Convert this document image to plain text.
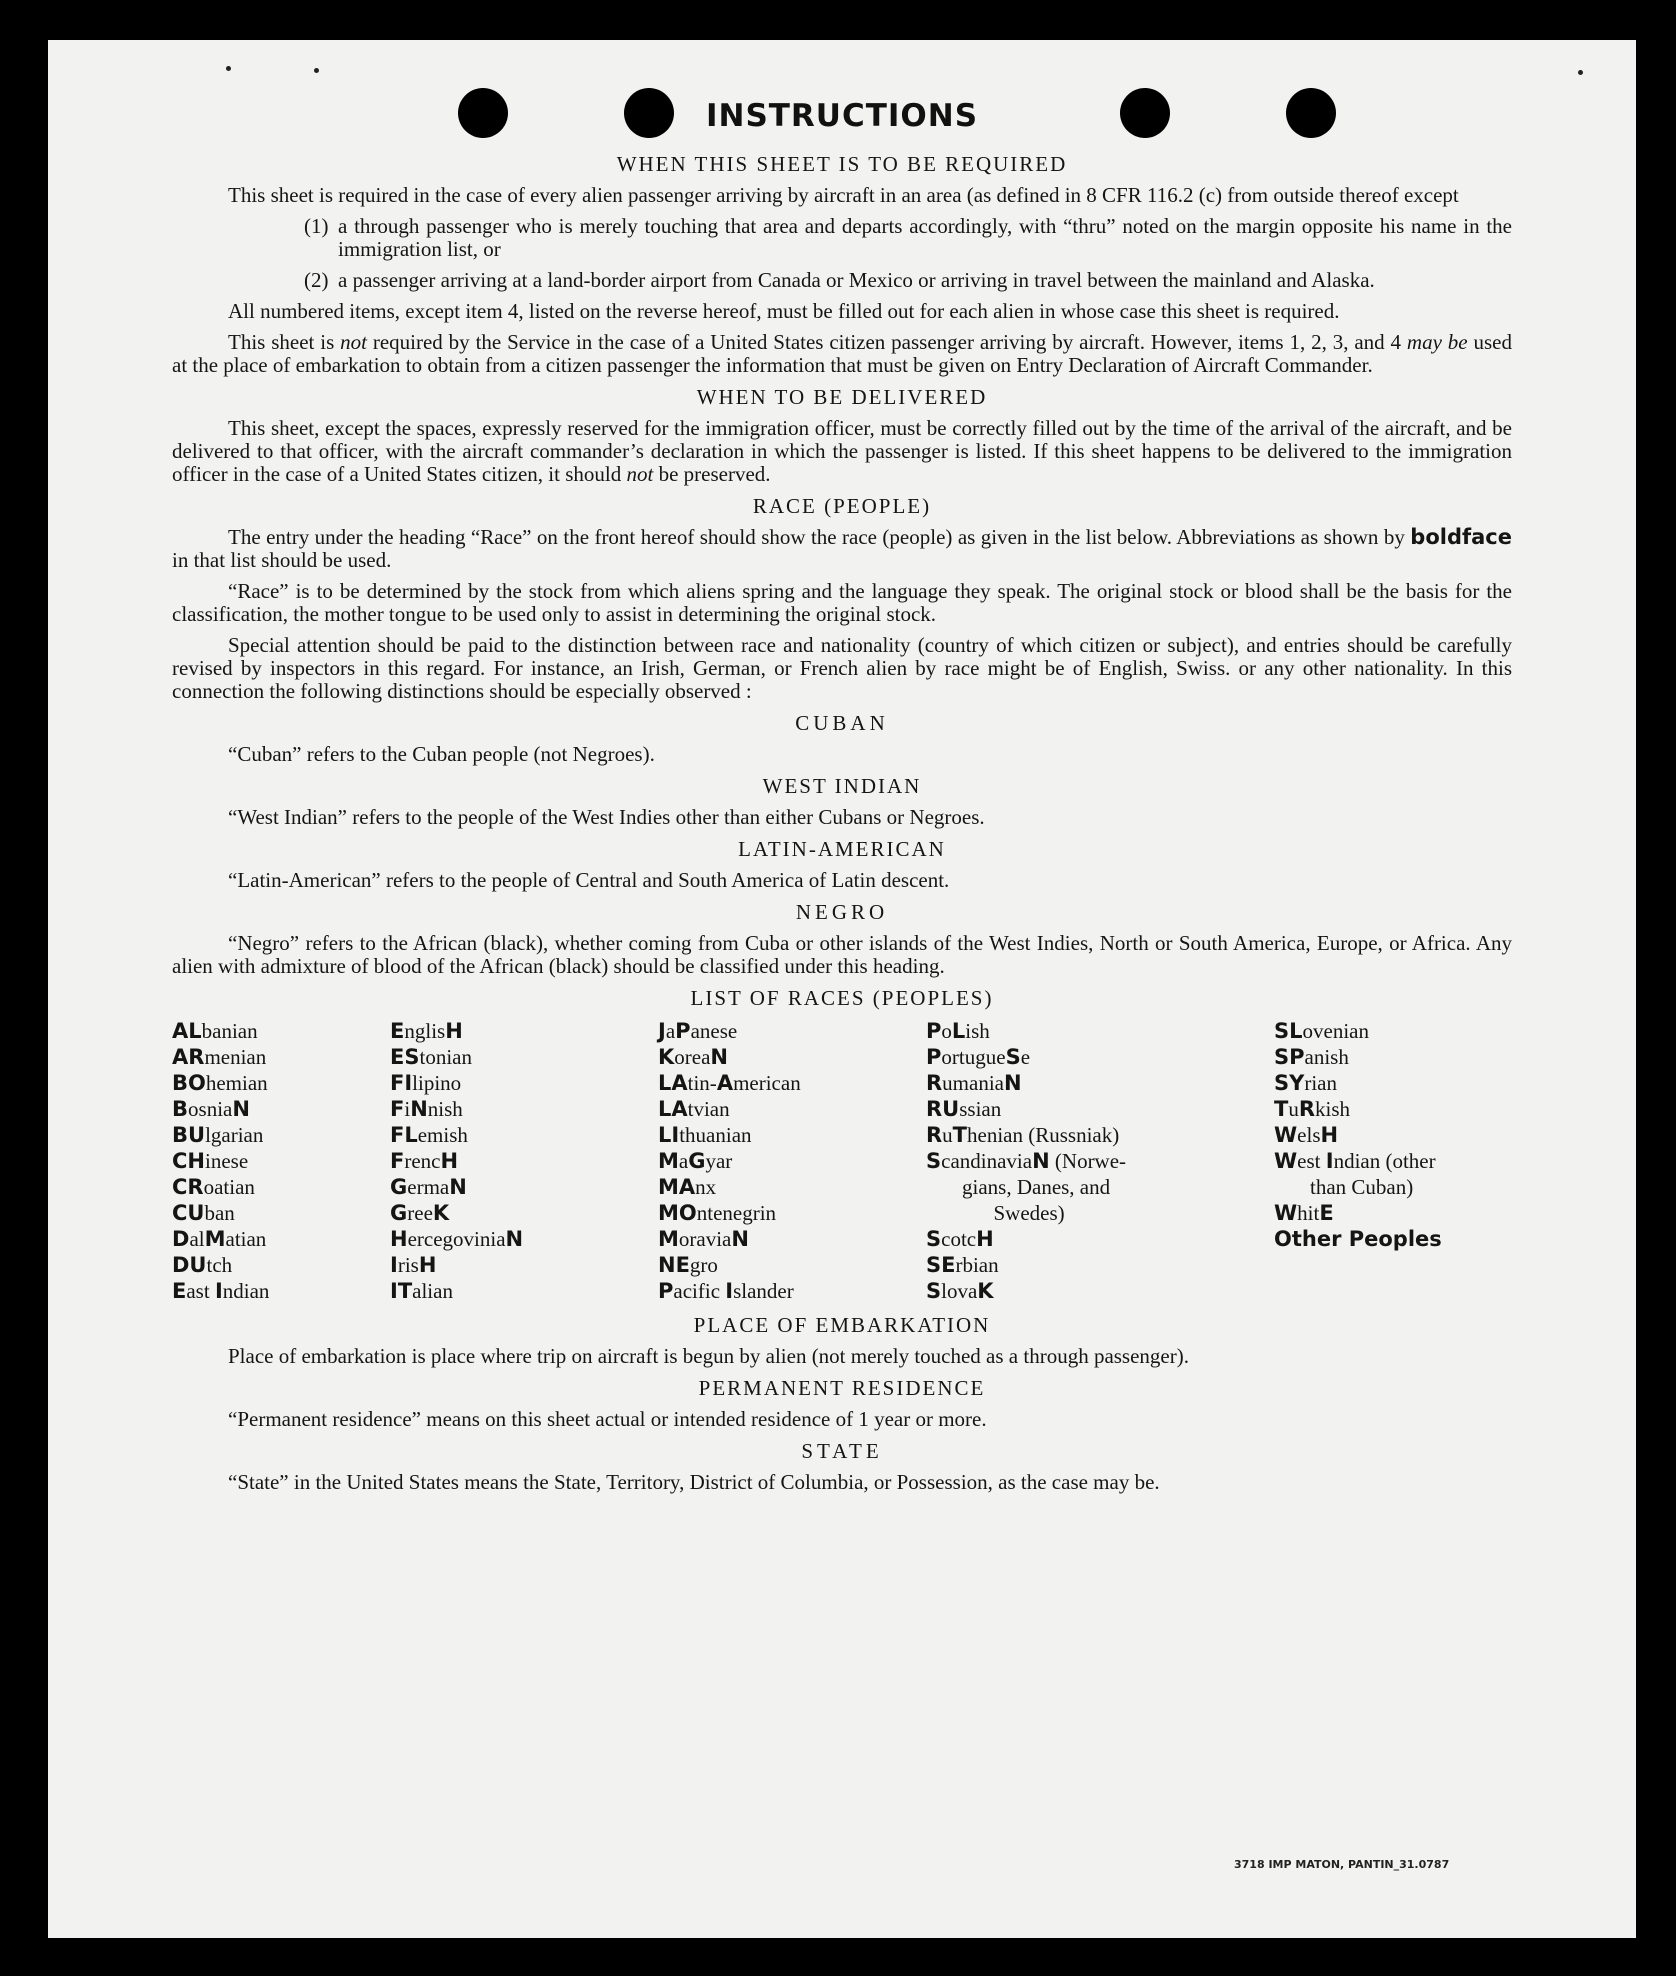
INSTRUCTIONS
WHEN THIS SHEET IS TO BE REQUIRED
This sheet is required in the case of every alien passenger arriving by aircraft in an area (as defined in 8 CFR 116.2 (c) from outside thereof except
(1) a through passenger who is merely touching that area and departs accordingly, with “thru” noted on the margin opposite his name in the immigration list, or
(2) a passenger arriving at a land-border airport from Canada or Mexico or arriving in travel between the mainland and Alaska.
All numbered items, except item 4, listed on the reverse hereof, must be filled out for each alien in whose case this sheet is required.
This sheet is not required by the Service in the case of a United States citizen passenger arriving by aircraft. However, items 1, 2, 3, and 4 may be used at the place of embarkation to obtain from a citizen passenger the information that must be given on Entry Declaration of Aircraft Commander.
WHEN TO BE DELIVERED
This sheet, except the spaces, expressly reserved for the immigration officer, must be correctly filled out by the time of the arrival of the aircraft, and be delivered to that officer, with the aircraft commander’s declaration in which the passenger is listed. If this sheet happens to be delivered to the immigration officer in the case of a United States citizen, it should not be preserved.
RACE (PEOPLE)
The entry under the heading “Race” on the front hereof should show the race (people) as given in the list below. Abbreviations as shown by boldface in that list should be used.
“Race” is to be determined by the stock from which aliens spring and the language they speak. The original stock or blood shall be the basis for the classification, the mother tongue to be used only to assist in determining the original stock.
Special attention should be paid to the distinction between race and nationality (country of which citizen or subject), and entries should be carefully revised by inspectors in this regard. For instance, an Irish, German, or French alien by race might be of English, Swiss. or any other nationality. In this connection the following distinctions should be especially observed :
CUBAN
“Cuban” refers to the Cuban people (not Negroes).
WEST INDIAN
“West Indian” refers to the people of the West Indies other than either Cubans or Negroes.
LATIN-AMERICAN
“Latin-American” refers to the people of Central and South America of Latin descent.
NEGRO
“Negro” refers to the African (black), whether coming from Cuba or other islands of the West Indies, North or South America, Europe, or Africa. Any alien with admixture of blood of the African (black) should be classified under this heading.
LIST OF RACES (PEOPLES)
ALbanian
ARmenian
BOhemian
BosniaN
BUlgarian
CHinese
CRoatian
CUban
DalMatian
DUtch
East Indian
EnglisH
EStonian
FIlipino
FiNnish
FLemish
FrencH
GermaN
GreeK
HercegoviniaN
IrisH
ITalian
JaPanese
KoreaN
LAtin-American
LAtvian
LIthuanian
MaGyar
MAnx
MOntenegrin
MoraviaN
NEgro
Pacific Islander
PoLish
PortugueSe
RumaniaN
RUssian
RuThenian (Russniak)
ScandinaviaN (Norwe-
gians, Danes, and
Swedes)
ScotcH
SErbian
SlovaK
SLovenian
SPanish
SYrian
TuRkish
WelsH
West Indian (other
than Cuban)
WhitE
Other Peoples
PLACE OF EMBARKATION
Place of embarkation is place where trip on aircraft is begun by alien (not merely touched as a through passenger).
PERMANENT RESIDENCE
“Permanent residence” means on this sheet actual or intended residence of 1 year or more.
STATE
“State” in the United States means the State, Territory, District of Columbia, or Possession, as the case may be.
3718 IMP MATON, PANTIN_31.0787
